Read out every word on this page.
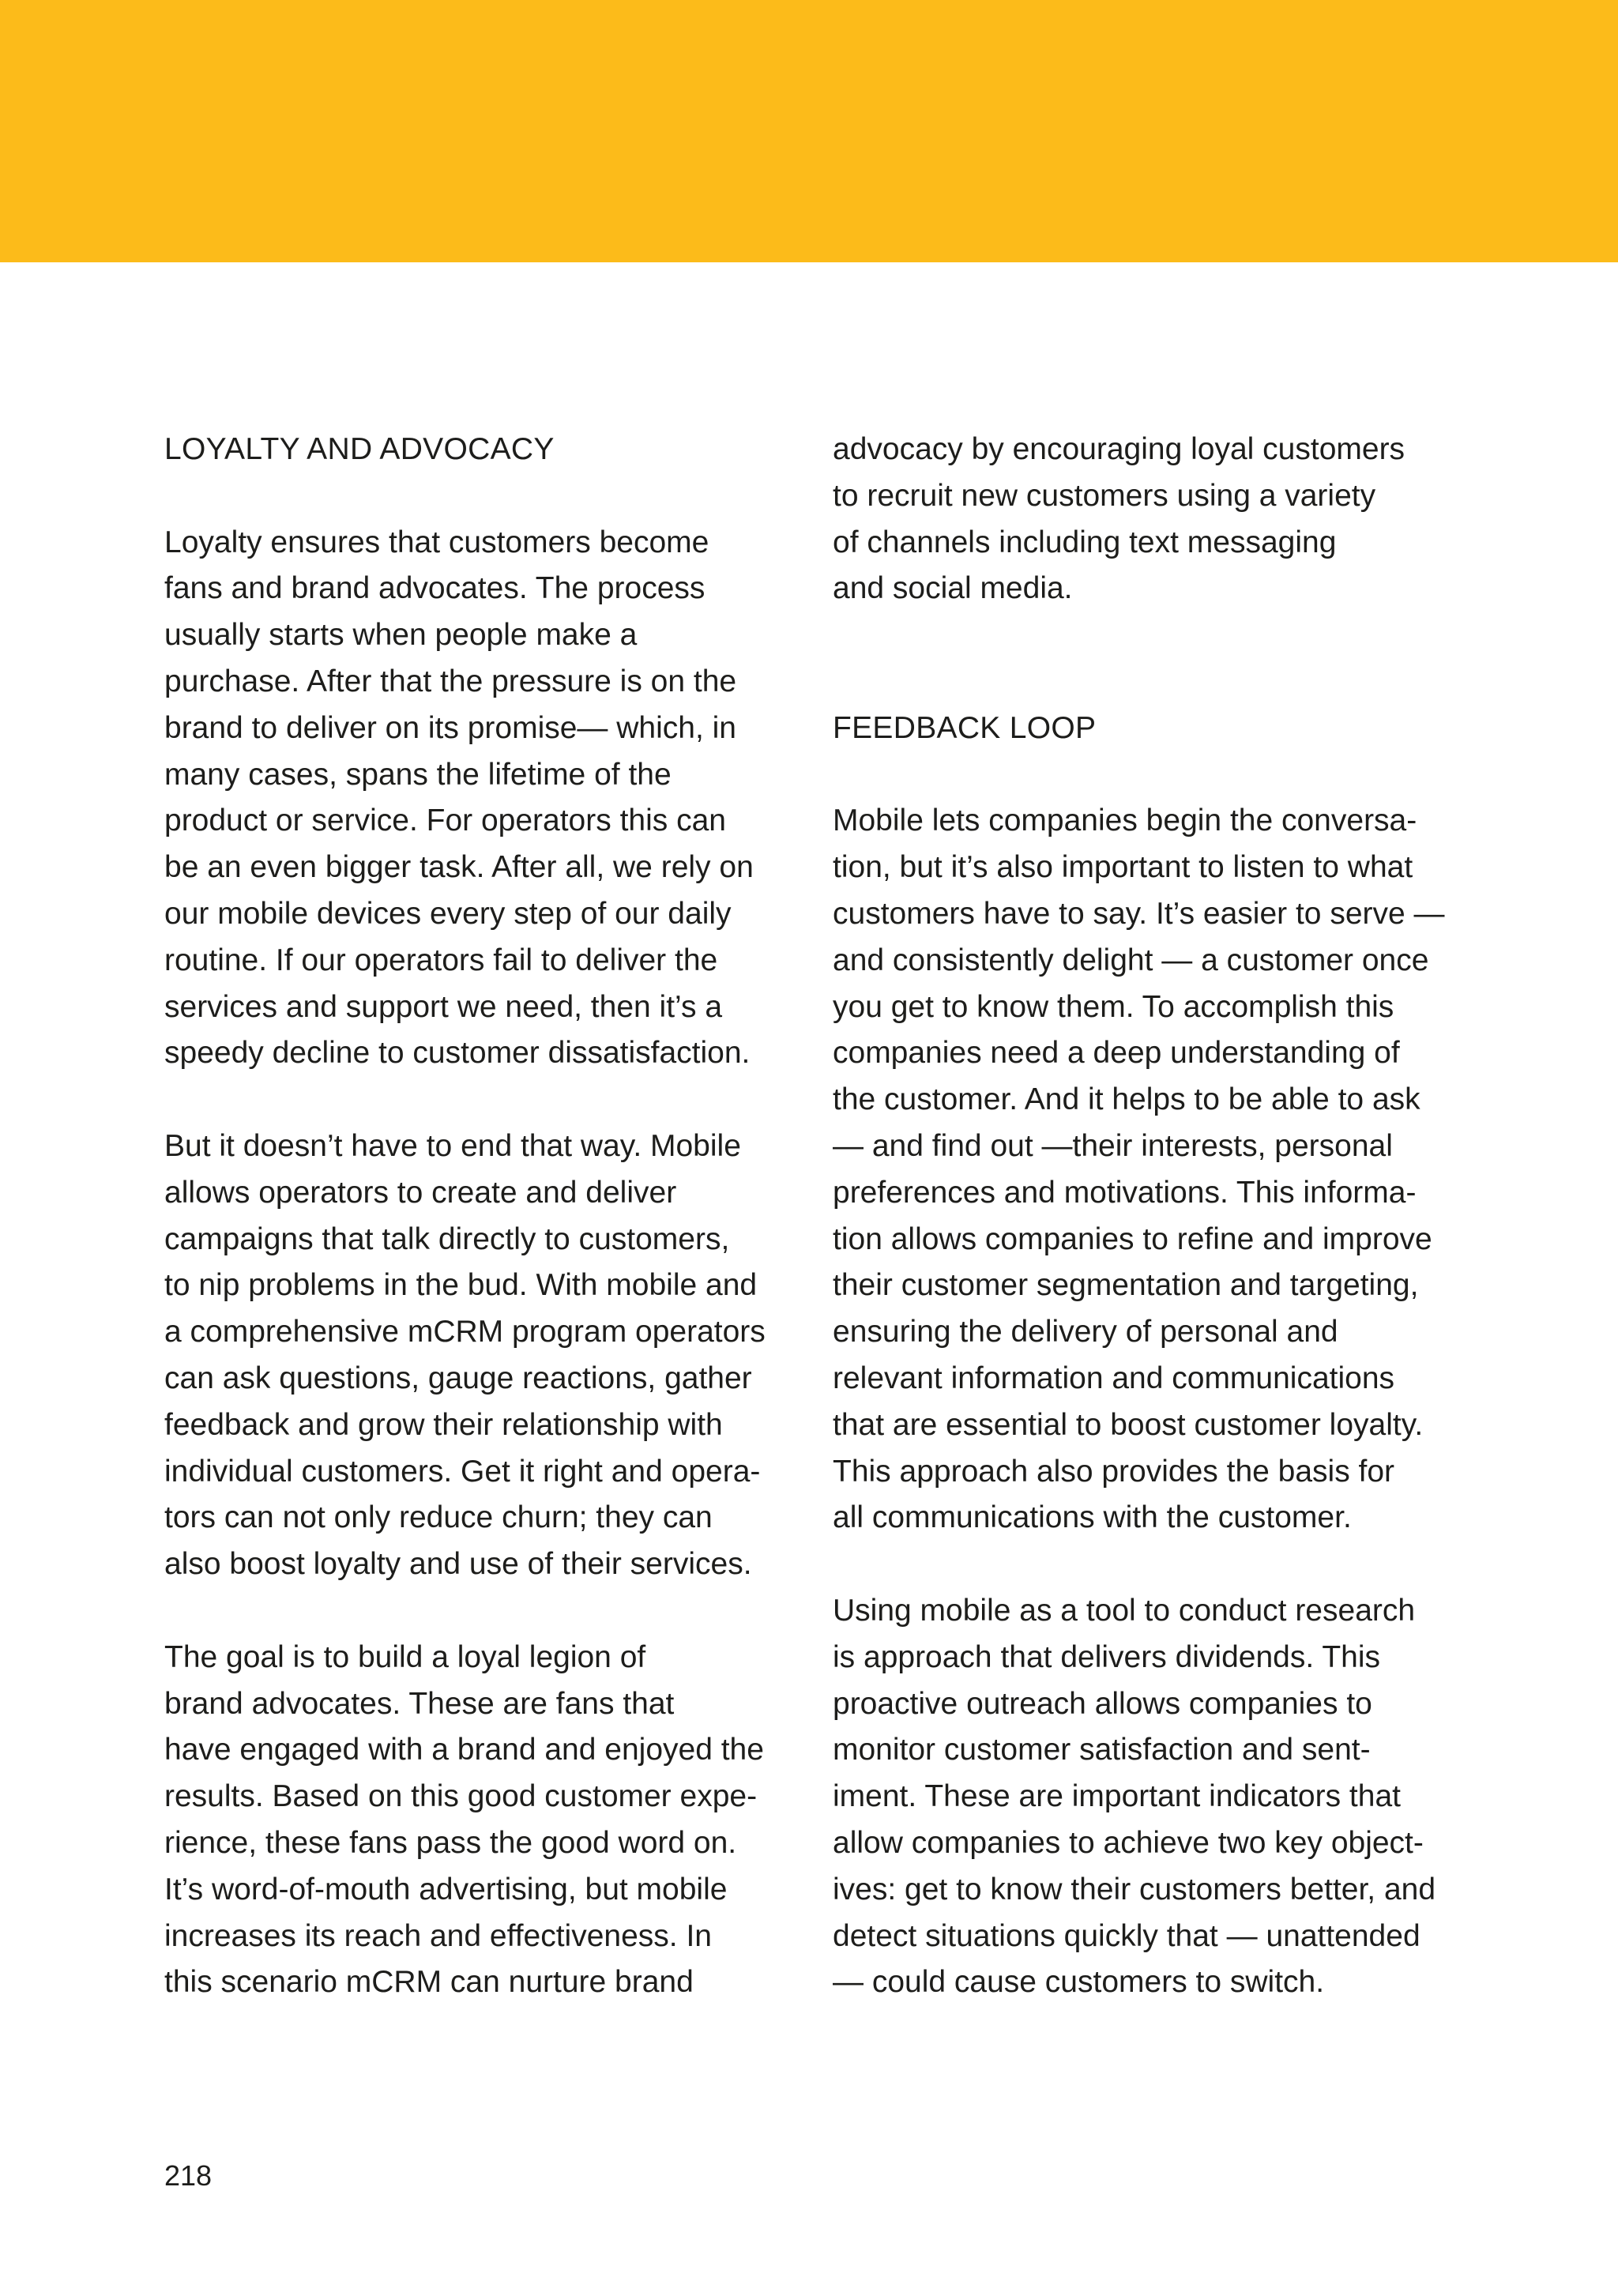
LOYALTY AND ADVOCACY
Loyalty ensures that customers become
fans and brand advocates. The process
usually starts when people make a
purchase. After that the pressure is on the
brand to deliver on its promise— which, in
many cases, spans the lifetime of the
product or service. For operators this can
be an even bigger task. After all, we rely on
our mobile devices every step of our daily
routine. If our operators fail to deliver the
services and support we need, then it’s a
speedy decline to customer dissatisfaction.
But it doesn’t have to end that way. Mobile
allows operators to create and deliver
campaigns that talk directly to customers,
to nip problems in the bud. With mobile and
a comprehensive mCRM program operators
can ask questions, gauge reactions, gather
feedback and grow their relationship with
individual customers. Get it right and opera-
tors can not only reduce churn; they can
also boost loyalty and use of their services.
The goal is to build a loyal legion of
brand advocates. These are fans that
have engaged with a brand and enjoyed the
results. Based on this good customer expe-
rience, these fans pass the good word on.
It’s word-of-mouth advertising, but mobile
increases its reach and effectiveness. In
this scenario mCRM can nurture brand
advocacy by encouraging loyal customers
to recruit new customers using a variety
of channels including text messaging
and social media.
FEEDBACK LOOP
Mobile lets companies begin the conversa-
tion, but it’s also important to listen to what
customers have to say. It’s easier to serve —
and consistently delight — a customer once
you get to know them. To accomplish this
companies need a deep understanding of
the customer. And it helps to be able to ask
— and find out —their interests, personal
preferences and motivations. This informa-
tion allows companies to refine and improve
their customer segmentation and targeting,
ensuring the delivery of personal and
relevant information and communications
that are essential to boost customer loyalty.
This approach also provides the basis for
all communications with the customer.
Using mobile as a tool to conduct research
is approach that delivers dividends. This
proactive outreach allows companies to
monitor customer satisfaction and sent-
iment. These are important indicators that
allow companies to achieve two key object-
ives: get to know their customers better, and
detect situations quickly that — unattended
— could cause customers to switch.
218
